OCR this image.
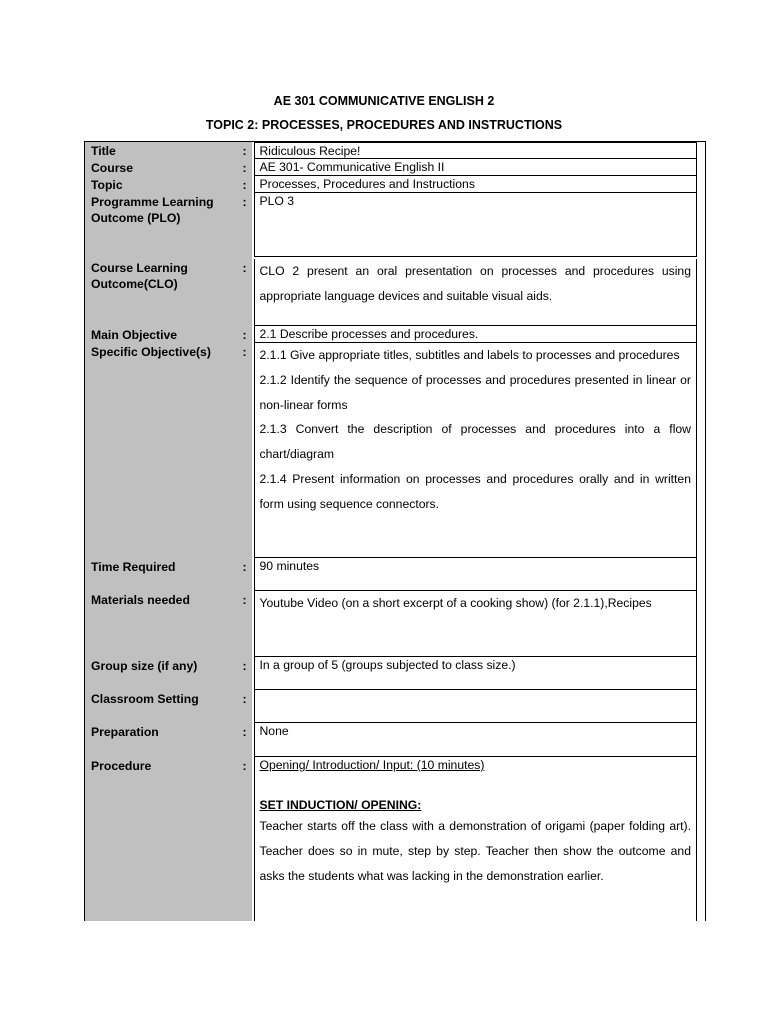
AE 301 COMMUNICATIVE ENGLISH 2
TOPIC 2: PROCESSES, PROCEDURES AND INSTRUCTIONS
Title	:	Ridiculous Recipe!

Course	:	AE 301- Communicative English II

Topic	:	Processes, Procedures and Instructions

Programme Learning Outcome (PLO)	:	PLO 3

Course Learning Outcome(CLO)	:	CLO 2 present an oral presentation on processes and procedures using appropriate language devices and suitable visual aids.

Main Objective	:	2.1 Describe processes and procedures.

Specific Objective(s)	:	2.1.1 Give appropriate titles, subtitles and labels to processes and procedures

2.1.2 Identify the sequence of processes and procedures presented in linear or non-linear forms

2.1.3 Convert the description of processes and procedures into a flow chart/diagram

2.1.4 Present information on processes and procedures orally and in written form using sequence connectors.

Time Required	:	90 minutes

Materials needed	:	Youtube Video (on a short excerpt of a cooking show) (for 2.1.1),Recipes

Group size (if any)	:	In a group of 5 (groups subjected to class size.)

Classroom Setting	:	

Preparation	:	None

Procedure	:	Opening/ Introduction/ Input: (10 minutes)
SET INDUCTION/ OPENING:
Teacher starts off the class with a demonstration of origami (paper folding art). Teacher does so in mute, step by step. Teacher then show the outcome and asks the students what was lacking in the demonstration earlier.
